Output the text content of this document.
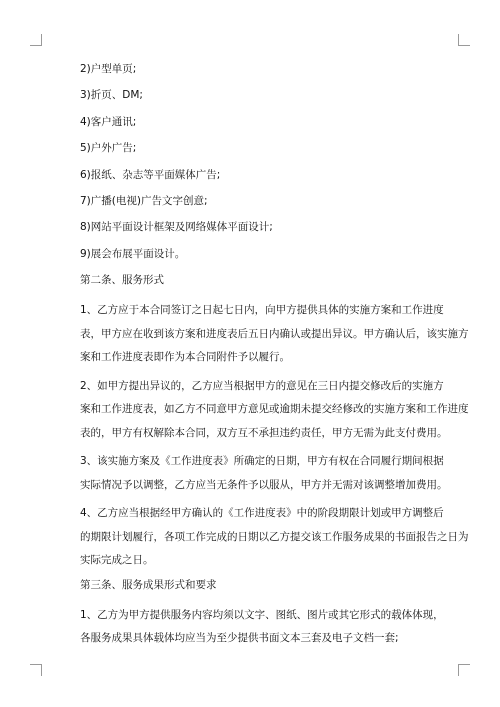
2)户型单页;
3)折页、DM;
4)客户通讯;
5)户外广告;
6)报纸、杂志等平面媒体广告;
7)广播(电视)广告文字创意;
8)网站平面设计框架及网络媒体平面设计;
9)展会布展平面设计。
第二条、服务形式
1、乙方应于本合同签订之日起七日内，向甲方提供具体的实施方案和工作进度
表，甲方应在收到该方案和进度表后五日内确认或提出异议。甲方确认后，该实施方
案和工作进度表即作为本合同附件予以履行。
2、如甲方提出异议的，乙方应当根据甲方的意见在三日内提交修改后的实施方
案和工作进度表，如乙方不同意甲方意见或逾期未提交经修改的实施方案和工作进度
表的，甲方有权解除本合同，双方互不承担违约责任，甲方无需为此支付费用。
3、该实施方案及《工作进度表》所确定的日期，甲方有权在合同履行期间根据
实际情况予以调整，乙方应当无条件予以服从，甲方并无需对该调整增加费用。
4、乙方应当根据经甲方确认的《工作进度表》中的阶段期限计划或甲方调整后
的期限计划履行，各项工作完成的日期以乙方提交该工作服务成果的书面报告之日为
实际完成之日。
第三条、服务成果形式和要求
1、乙方为甲方提供服务内容均须以文字、图纸、图片或其它形式的载体体现，
各服务成果具体载体均应当为至少提供书面文本三套及电子文档一套;
